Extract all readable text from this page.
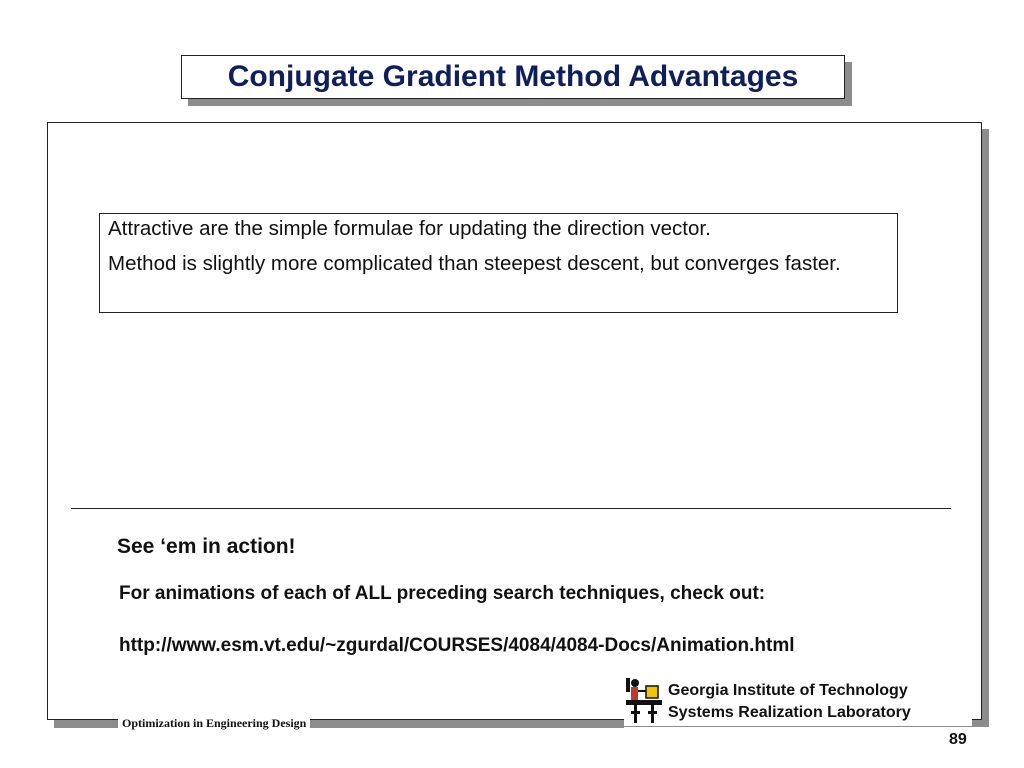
Conjugate Gradient Method Advantages

Attractive are the simple formulae for updating the direction vector.

Method is slightly more complicated than steepest descent, but converges faster.

See ‘em in action!
For animations of each of ALL preceding search techniques, check out:
http://www.esm.vt.edu/~zgurdal/COURSES/4084/4084-Docs/Animation.html
Optimization in Engineering Design
Georgia Institute of Technology
Systems Realization Laboratory
89
